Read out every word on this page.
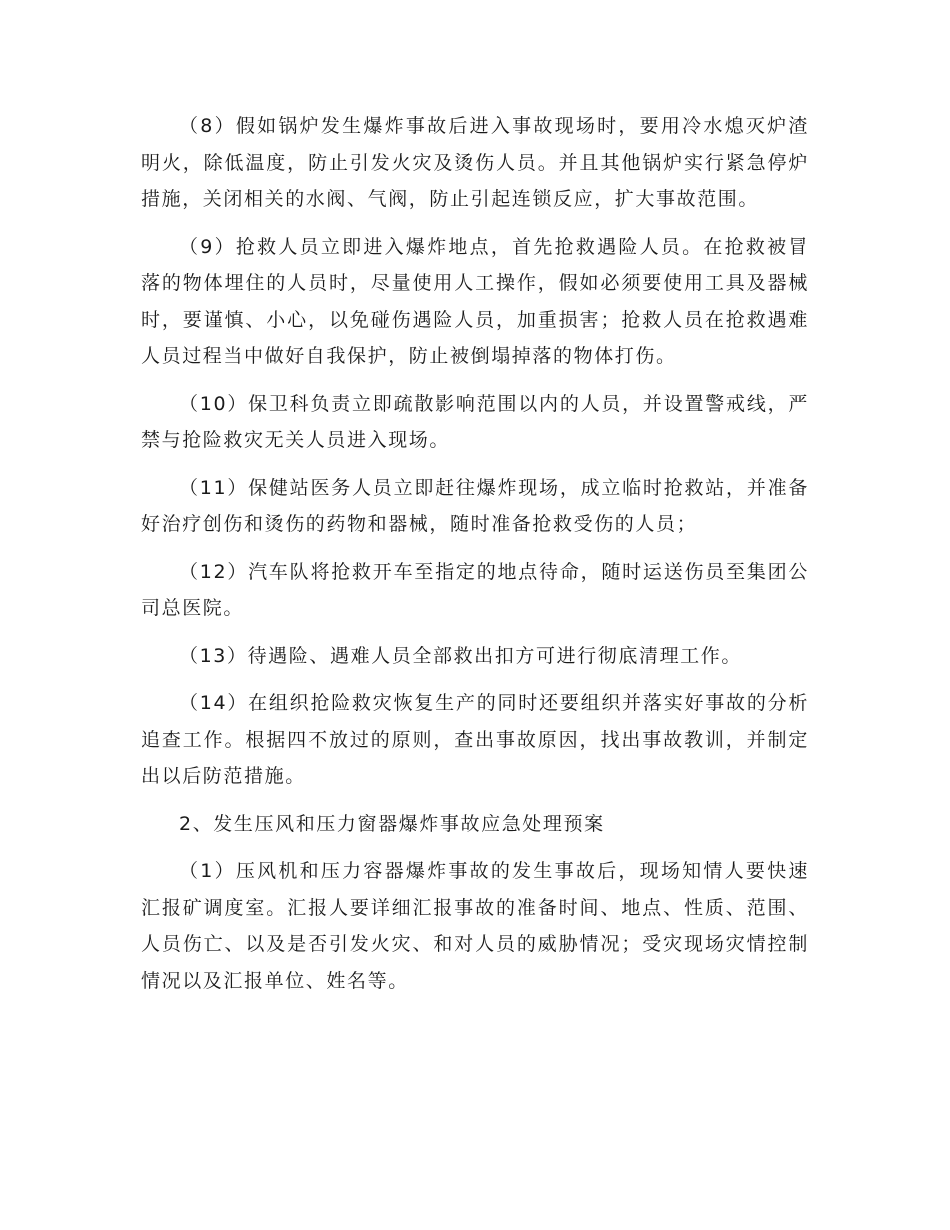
（8）假如锅炉发生爆炸事故后进入事故现场时，要用冷水熄灭炉渣明火，除低温度，防止引发火灾及烫伤人员。并且其他锅炉实行紧急停炉措施，关闭相关的水阀、气阀，防止引起连锁反应，扩大事故范围。

（9）抢救人员立即进入爆炸地点，首先抢救遇险人员。在抢救被冒落的物体埋住的人员时，尽量使用人工操作，假如必须要使用工具及器械时，要谨慎、小心，以免碰伤遇险人员，加重损害；抢救人员在抢救遇难人员过程当中做好自我保护，防止被倒塌掉落的物体打伤。

（10）保卫科负责立即疏散影响范围以内的人员，并设置警戒线，严禁与抢险救灾无关人员进入现场。

（11）保健站医务人员立即赶往爆炸现场，成立临时抢救站，并准备好治疗创伤和烫伤的药物和器械，随时准备抢救受伤的人员；

（12）汽车队将抢救开车至指定的地点待命，随时运送伤员至集团公司总医院。

（13）待遇险、遇难人员全部救出扣方可进行彻底清理工作。

（14）在组织抢险救灾恢复生产的同时还要组织并落实好事故的分析追查工作。根据四不放过的原则，查出事故原因，找出事故教训，并制定出以后防范措施。

2、发生压风和压力窗器爆炸事故应急处理预案

（1）压风机和压力容器爆炸事故的发生事故后，现场知情人要快速汇报矿调度室。汇报人要详细汇报事故的准备时间、地点、性质、范围、人员伤亡、以及是否引发火灾、和对人员的威胁情况；受灾现场灾情控制情况以及汇报单位、姓名等。
